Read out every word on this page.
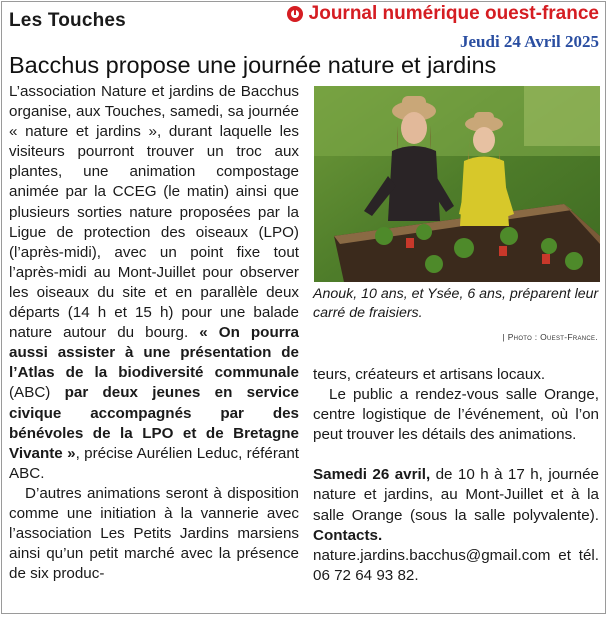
Les Touches	Journal numérique ouest-france
Jeudi 24 Avril 2025
Bacchus propose une journée nature et jardins

L’association Nature et jardins de Bacchus organise, aux Touches, samedi, sa journée « nature et jardins », durant laquelle les visiteurs pourront trouver un troc aux plantes, une animation compostage animée par la CCEG (le matin) ainsi que plusieurs sorties nature proposées par la Ligue de protection des oiseaux (LPO) (l’après-midi), avec un point fixe tout l’après-midi au Mont-Juillet pour observer les oiseaux du site et en parallèle deux départs (14 h et 15 h) pour une balade nature autour du bourg. « On pourra aussi assister à une présentation de l’Atlas de la biodiversité communale (ABC) par deux jeunes en service civique accompagnés par des bénévoles de la LPO et de Bretagne Vivante », précise Aurélien Leduc, référant ABC.

D’autres animations seront à disposition comme une initiation à la vannerie avec l’association Les Petits Jardins marsiens ainsi qu’un petit marché avec la présence de six produc-

Anouk, 10 ans, et Ysée, 6 ans, préparent leur carré de fraisiers.
| Photo : Ouest-France.

teurs, créateurs et artisans locaux.

Le public a rendez-vous salle Orange, centre logistique de l’événement, où l’on peut trouver les détails des animations.

Samedi 26 avril, de 10 h à 17 h, journée nature et jardins, au Mont-Juillet et à la salle Orange (sous la salle polyvalente). Contacts. nature.jardins.bacchus@gmail.com et tél. 06 72 64 93 82.
